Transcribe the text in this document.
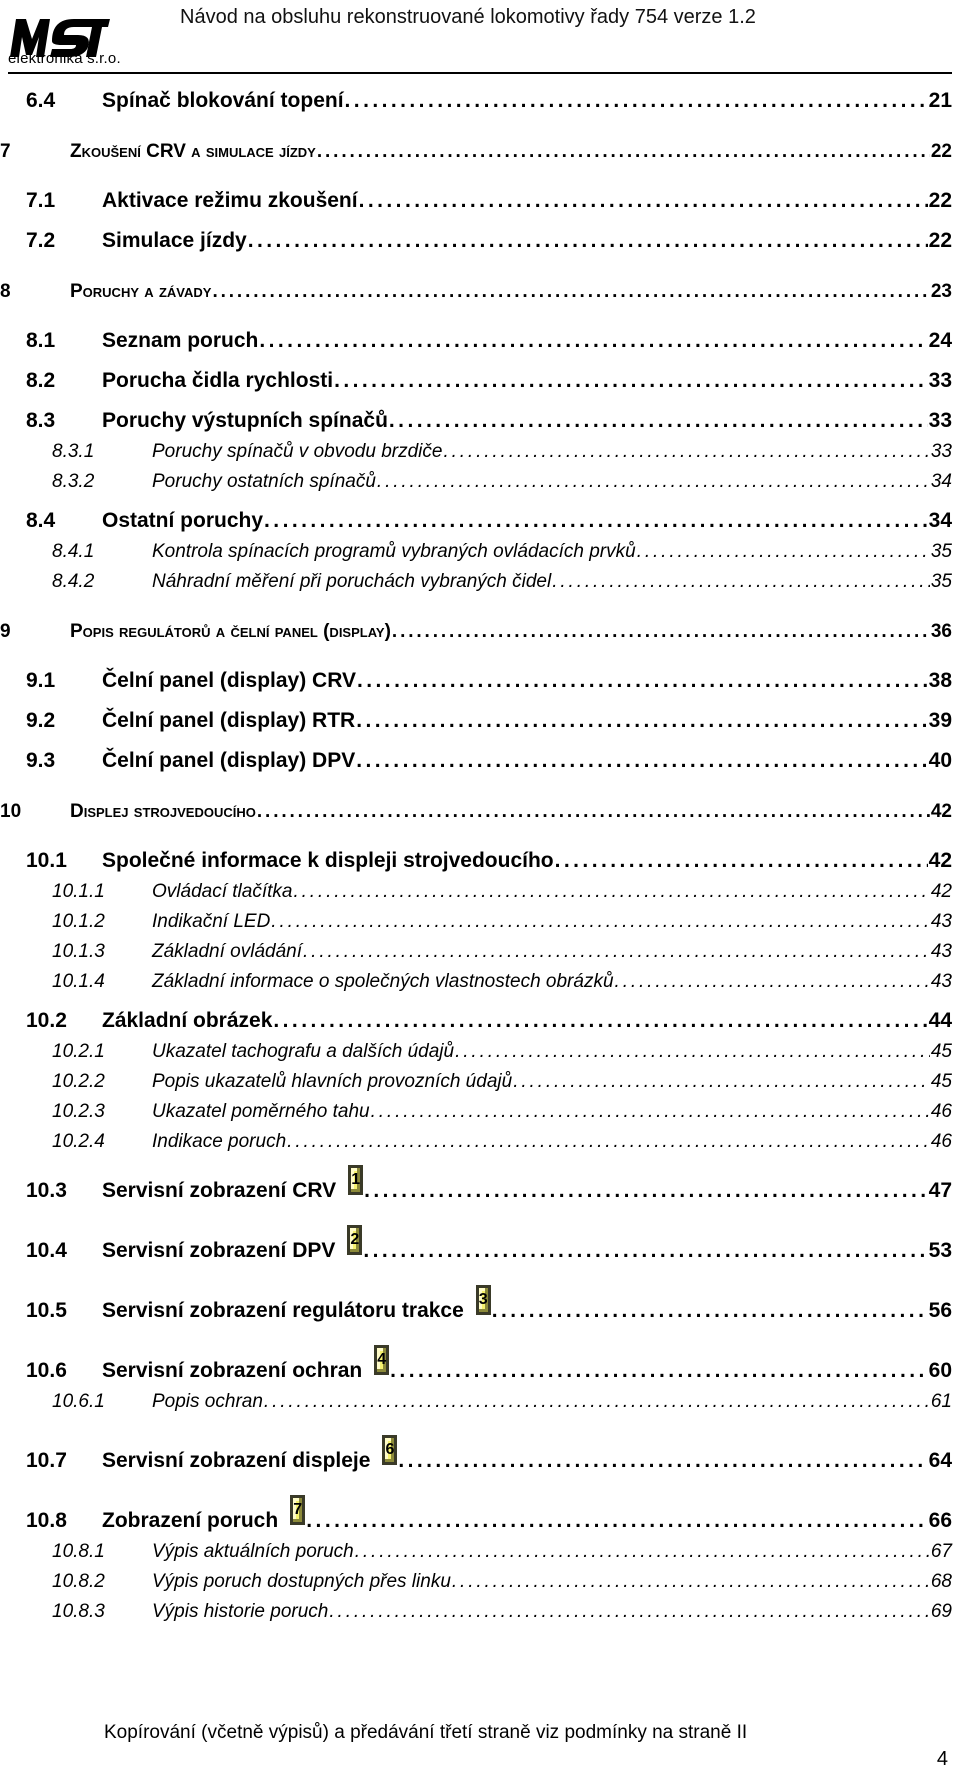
elektronika s.r.o.
Návod na obsluhu rekonstruované lokomotivy řady 754 verze 1.2
6.4 Spínač blokování topení . . .	21
7	Zkoušení CRV a simulace jízdy . . .	22
7.1 Aktivace režimu zkoušení . . .	22
7.2 Simulace jízdy . . .	22
8	Poruchy a závady . . .	23
8.1 Seznam poruch . . .	24
8.2 Porucha čidla rychlosti . . .	33
8.3 Poruchy výstupních spínačů . . .	33
8.3.1	Poruchy spínačů v obvodu brzdiče . . .	33
8.3.2	Poruchy ostatních spínačů . . .	34
8.4 Ostatní poruchy . . .	34
8.4.1	Kontrola spínacích programů vybraných ovládacích prvků . . .	35
8.4.2	Náhradní měření při poruchách vybraných čidel . . .	35
9	Popis regulátorů a čelní panel (display) . . .	36
9.1 Čelní panel (display) CRV . . .	38
9.2 Čelní panel (display) RTR . . .	39
9.3 Čelní panel (display) DPV . . .	40
10	Displej strojvedoucího . . .	42
10.1 Společné informace k displeji strojvedoucího . . .	42
10.1.1 Ovládací tlačítka . . .	42
10.1.2 Indikační LED . . .	43
10.1.3 Základní ovládání . . .	43
10.1.4 Základní informace o společných vlastnostech obrázků . . .	43
10.2 Základní obrázek . . .	44
10.2.1 Ukazatel tachografu a dalších údajů . . .	45
10.2.2 Popis ukazatelů hlavních provozních údajů . . .	45
10.2.3 Ukazatel poměrného tahu . . .	46
10.2.4 Indikace poruch . . .	46
10.3 Servisní zobrazení CRV 1 . . .	47
10.4 Servisní zobrazení DPV 2 . . .	53
10.5 Servisní zobrazení regulátoru trakce 3 . . .	56
10.6 Servisní zobrazení ochran 4 . . .	60
10.6.1 Popis ochran . . .	61
10.7 Servisní zobrazení displeje 6 . . .	64
10.8 Zobrazení poruch 7 . . .	66
10.8.1 Výpis aktuálních poruch . . .	67
10.8.2 Výpis poruch dostupných přes linku . . .	68
10.8.3 Výpis historie poruch . . .	69
Kopírování (včetně výpisů) a předávání třetí straně viz podmínky na straně II
4
